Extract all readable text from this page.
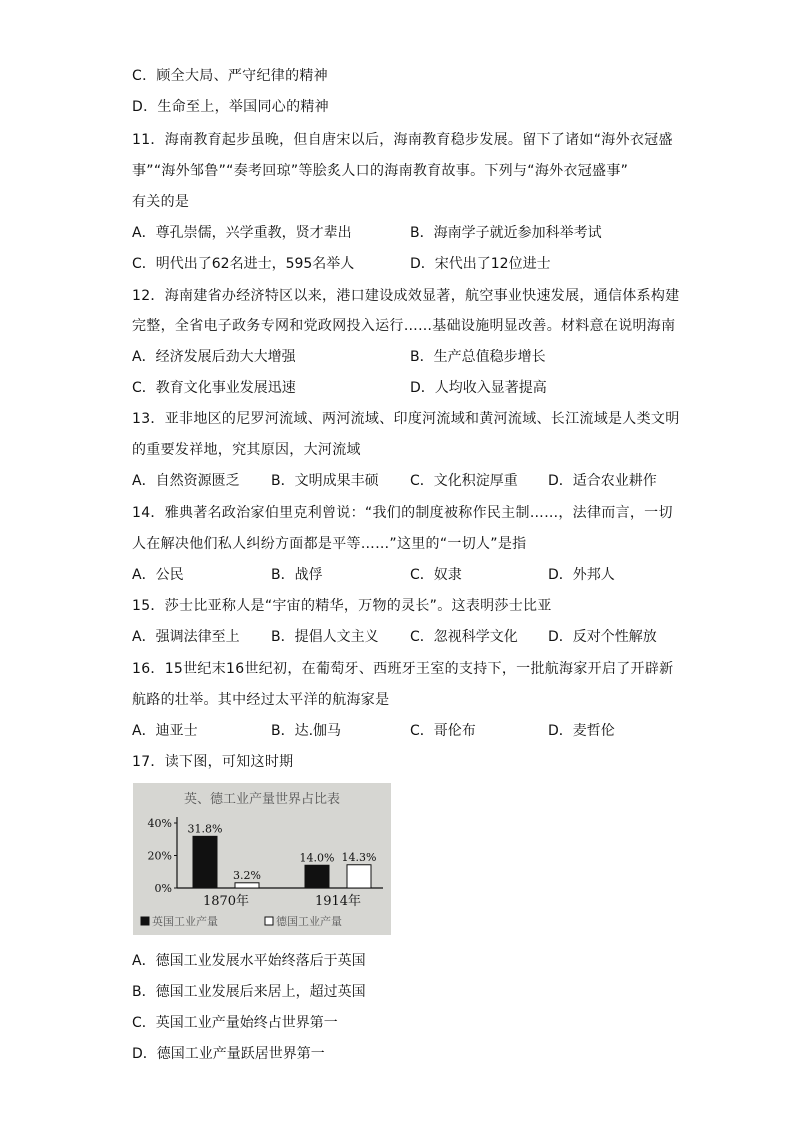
C．顾全大局、严守纪律的精神
D．生命至上，举国同心的精神
11．海南教育起步虽晚，但自唐宋以后，海南教育稳步发展。留下了诸如“海外衣冠盛
事”“海外邹鲁”“奏考回琼”等脍炙人口的海南教育故事。下列与“海外衣冠盛事”
有关的是
A．尊孔崇儒，兴学重教，贤才辈出	B．海南学子就近参加科举考试
C．明代出了62名进士，595名举人	D．宋代出了12位进士
12．海南建省办经济特区以来，港口建设成效显著，航空事业快速发展，通信体系构建
完整，全省电子政务专网和党政网投入运行……基础设施明显改善。材料意在说明海南
A．经济发展后劲大大增强	B．生产总值稳步增长
C．教育文化事业发展迅速	D．人均收入显著提高
13．亚非地区的尼罗河流域、两河流域、印度河流域和黄河流域、长江流域是人类文明
的重要发祥地，究其原因，大河流域
A．自然资源匮乏 B．文明成果丰硕 C．文化积淀厚重 D．适合农业耕作
14．雅典著名政治家伯里克利曾说：“我们的制度被称作民主制……，法律而言，一切
人在解决他们私人纠纷方面都是平等……”这里的“一切人”是指
A．公民	B．战俘	C．奴隶	D．外邦人
15．莎士比亚称人是“宇宙的精华，万物的灵长”。这表明莎士比亚
A．强调法律至上 B．提倡人文主义 C．忽视科学文化 D．反对个性解放
16．15世纪末16世纪初，在葡萄牙、西班牙王室的支持下，一批航海家开启了开辟新
航路的壮举。其中经过太平洋的航海家是
A．迪亚士	B．达.伽马	C．哥伦布	D．麦哲伦
17．读下图，可知这时期
英、德工业产量世界占比表
40%
20%
0%
31.8%
3.2%
1870年
14.0% 14.3%
1914年
英国工业产量	德国工业产量
A．德国工业发展水平始终落后于英国
B．德国工业发展后来居上，超过英国
C．英国工业产量始终占世界第一
D．德国工业产量跃居世界第一
